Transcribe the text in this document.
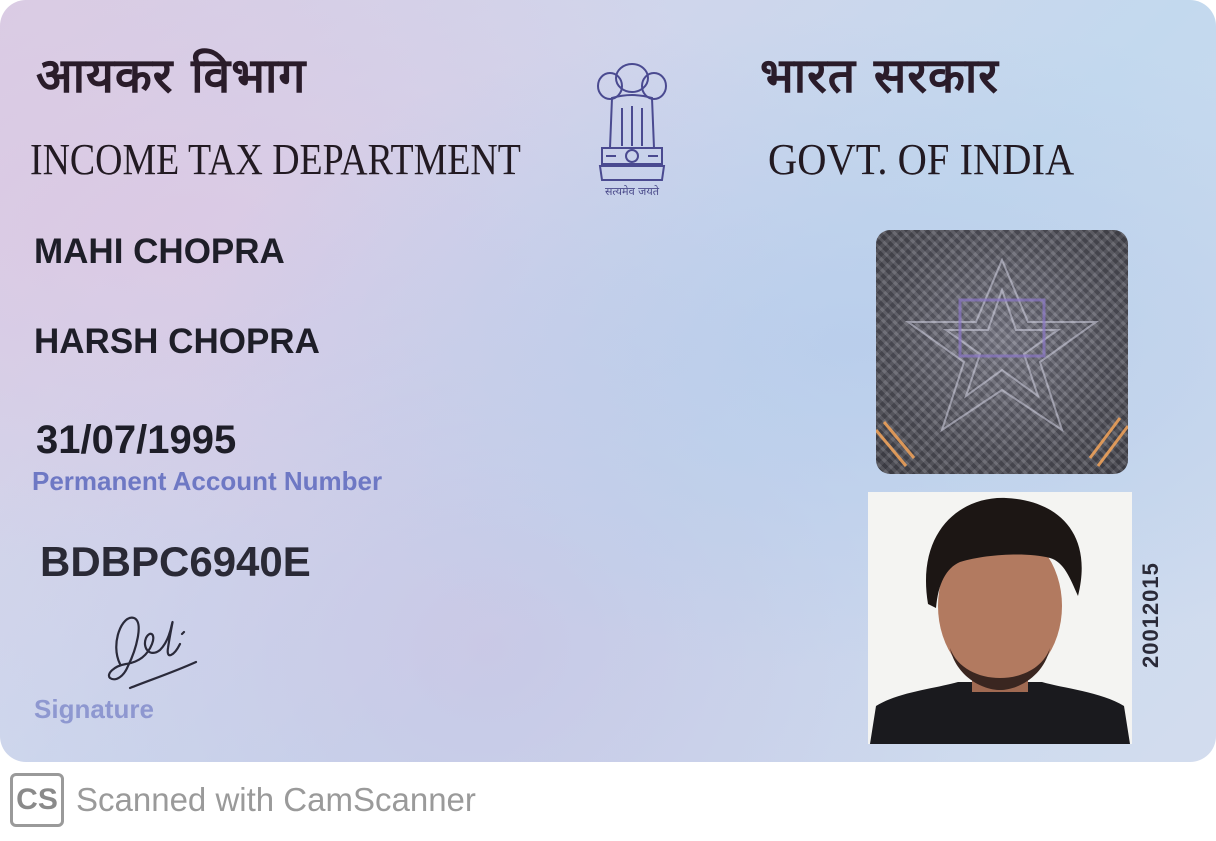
आयकर विभाग	भारत सरकार
INCOME TAX DEPARTMENT	GOVT. OF INDIA
सत्यमेव जयते
MAHI CHOPRA
HARSH CHOPRA
31/07/1995
Permanent Account Number
BDBPC6940E
Signature
20012015
CS Scanned with CamScanner
